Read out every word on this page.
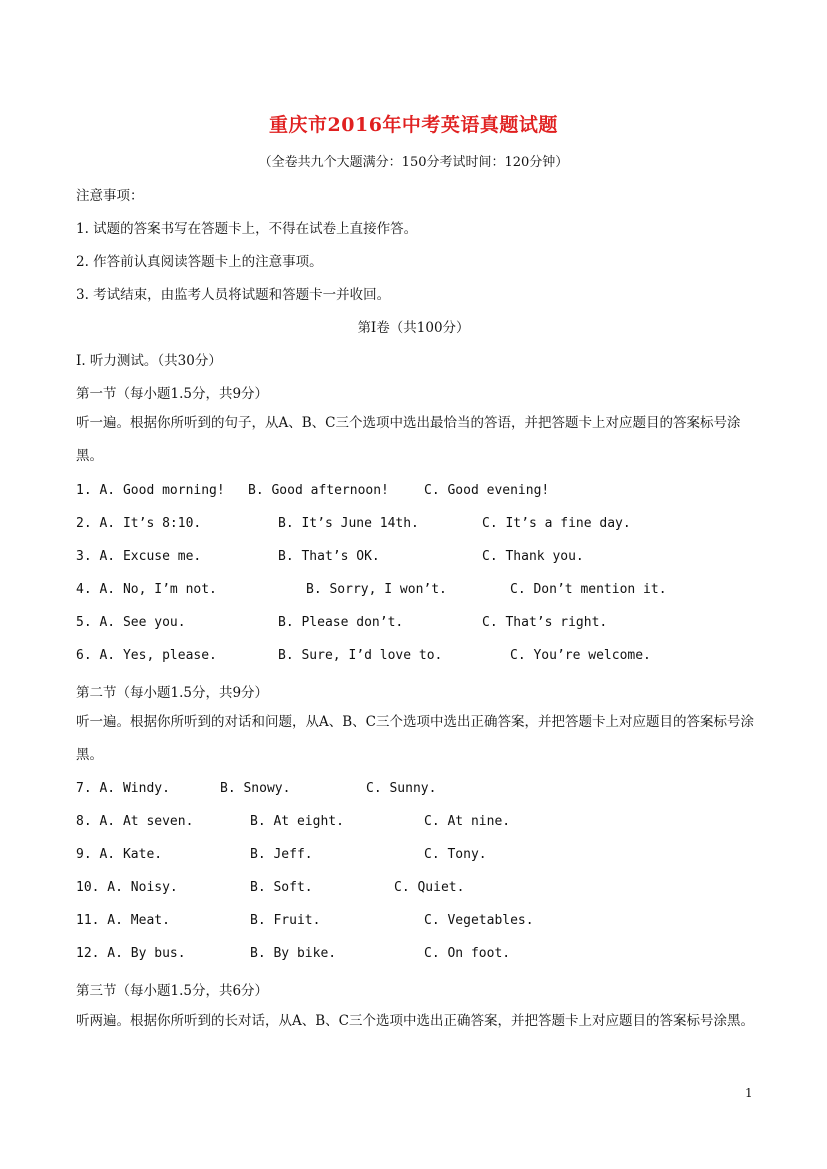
重庆市2016年中考英语真题试题
（全卷共九个大题满分：150分考试时间：120分钟）
注意事项：
1. 试题的答案书写在答题卡上，不得在试卷上直接作答。
2. 作答前认真阅读答题卡上的注意事项。
3. 考试结束，由监考人员将试题和答题卡一并收回。
第Ⅰ卷（共100分）
Ⅰ. 听力测试。（共30分）
第一节（每小题1.5分，共9分）
听一遍。根据你所听到的句子，从A、B、C三个选项中选出最恰当的答语，并把答题卡上对应题目的答案标号涂黑。
1. A. Good morning! B. Good afternoon!	C. Good evening!
2. A. It’s 8:10.	B. It’s June 14th.	C. It’s a fine day.
3. A. Excuse me.	B. That’s OK.	C. Thank you.
4. A. No, I’m not.	B. Sorry, I won’t.	C. Don’t mention it.
5. A. See you.	B. Please don’t.	C. That’s right.
6. A. Yes, please.	B. Sure, I’d love to.	C. You’re welcome.
第二节（每小题1.5分，共9分）
听一遍。根据你所听到的对话和问题，从A、B、C三个选项中选出正确答案，并把答题卡上对应题目的答案标号涂黑。
7. A. Windy.	B. Snowy.	C. Sunny.
8. A. At seven.	B. At eight.	C. At nine.
9. A. Kate.	B. Jeff.	C. Tony.
10. A. Noisy.	B. Soft.	C. Quiet.
11. A. Meat.	B. Fruit.	C. Vegetables.
12. A. By bus.	B. By bike.	C. On foot.
第三节（每小题1.5分，共6分）
听两遍。根据你所听到的长对话，从A、B、C三个选项中选出正确答案，并把答题卡上对应题目的答案标号涂黑。
1
